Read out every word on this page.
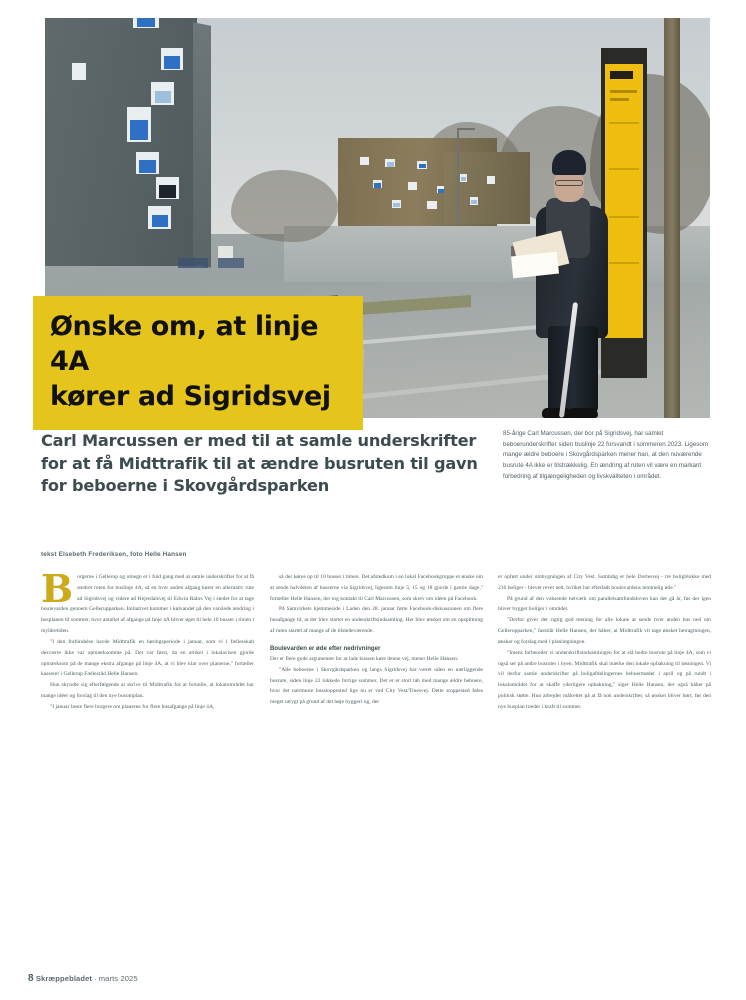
Ønske om, at linje 4A
kører ad Sigridsvej

Carl Marcussen er med til at samle underskrifter for at få Midttrafik til at ændre busruten til gavn for beboerne i Skovgårdsparken

85-årige Carl Marcussen, der bor på Sigridsvej, har samlet beboerunderskrifter siden buslinje 22 forsvandt i sommeren 2023. Ligesom mange ældre beboere i Skovgårdsparken mener han, at den nuværende busrute 4A ikke er tilstrækkelig. En ændring af ruten vil være en markant forbedring af tilgængeligheden og livskvaliteten i området.

tekst Elsebeth Frederiksen, foto Helle Hansen

Borgerne i Gellerup og omegn er i fuld gang med at samle underskrifter for at få ændret ruten for buslinje 4A, så en hver anden afgang kører en alternativ rute ad Sigridsvej og videre ad Hejredalsvej til Edwin Rahrs Vej i stedet for at tage boulevarden gennem Gellerupparken. Initiativet kommer i kølvandet på den varslede ændring i busplanen til sommer, hvor antallet af afgange på linje 4A bliver øget til hele 10 busser i timen i myldretiden.

"I den forbindelse havde Midttrafik en høringsperiode i januar, som vi i fællesskab desværre ikke var opmærksomme på. Det var først, da en artikel i lokalavisen gjorde opmærksom på de mange ekstra afgange på linje 4A, at vi blev klar over planerne," fortæller kasserer i Gellerup Fællesråd Helle Hansen.

Hun skyndte sig efterfølgende at skrive til Midttrafik for at fortælle, at lokalområdet har mange idéer og forslag til den nye busomplan.

"I januar læste flere borgere om planerne for flere busafgange på linje 4A,

så der køres op til 10 busser i timen. Det afstedkom i en lokal Facebookgruppe et ønske om at sende halvdelen af busserne via Sigridsvej, ligesom linje 5, 15 og 18 gjorde i gamle dage," fortæller Helle Hansen, der tog kontakt til Carl Marcussen, som skrev om idéen på Facebook.

På Samvirkets hjemmeside i Laden den 28. januar førte Facebook-diskussionen om flere busafgange til, at der blev startet en underskriftsindsamling. Her blev ønsket om en opsplitning af ruten startet af mange af de tilstedeværende.

Boulevarden er øde efter nedrivninger

Der er flere gode argumenter for at lade bussen køre denne vej, mener Helle Hansen:

"Alle beboerne i Skovgårdsparken og langs Sigridsvej har været uden en nærliggende busrute, siden linje 22 lukkede forrige sommer. Det er et stort tab med mange ældre beboere, hvor det nærmeste busstoppested lige nu er ved City Vest/Tinesvej. Dette stoppested føles meget utrygt på grund af det høje byggeri og, der

er opført under ombygningen af City Vest. Samtidig er hele Dortesvej - tre boligblokke med 216 boliger - blevet revet ned, hvilket har efterladt boulevardens temmelig øde."

På grund af den voksende netværk om parallelsamfundsloven kan der gå år, før der igen bliver bygget boliger i området.

"Derfor giver det rigtig god mening for alle lokale at sende hver anden bus ned om Gellerupparken," fastslår Helle Hansen, der håber, at Midttrafik vil tage ønsket betragtningen, ønsker og forslag med i planlægningen.

"Imens forbereder vi underskriftsindsamlingen for at stå bedre busrute på linje 4A, som vi også ser på andre busruter i byen. Midttrafik skal mærke den lokale opbakning til løsningen. Vi vil derfor samle underskrifter på boligafdelingernes beboermøder i april og på rundt i lokalområdet for at skaffe yderligere opbakning," siger Helle Hansen, der også håber på politisk støtte. Hun arbejder målrettet på at få nok underskrifter, så ønsket bliver hørt, før den nye busplan træder i kraft til sommer.

8 Skræppebladet · marts 2025
